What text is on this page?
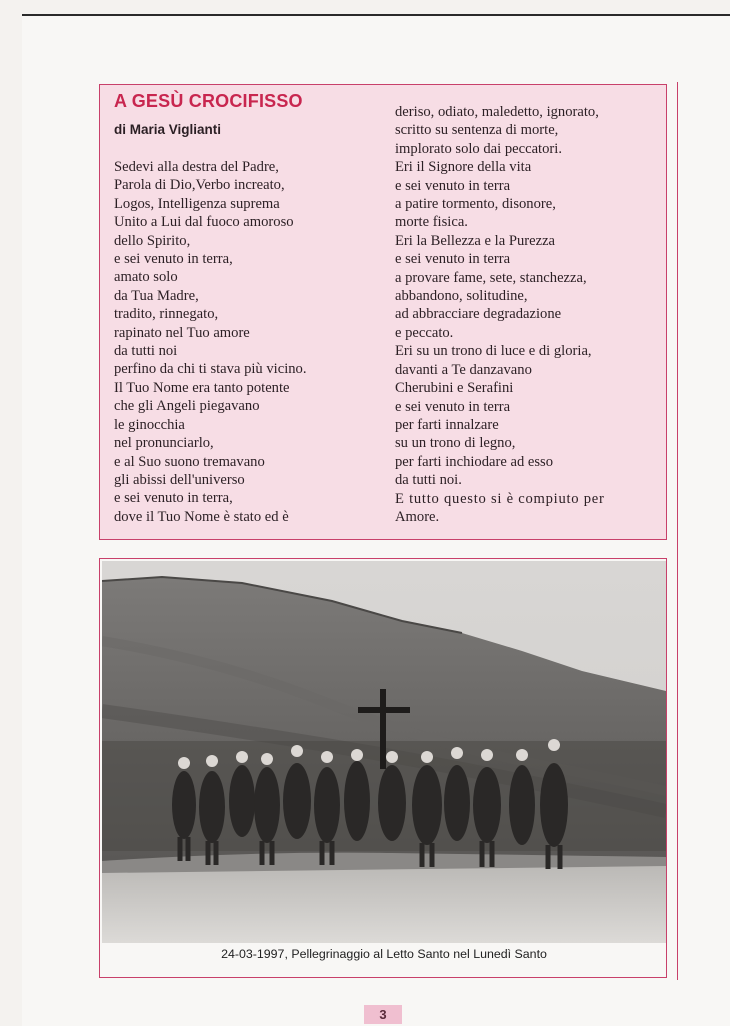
A GESÙ CROCIFISSO
di Maria Viglianti
Sedevi alla destra del Padre,
Parola di Dio,Verbo increato,
Logos, Intelligenza suprema
Unito a Lui dal fuoco amoroso
dello Spirito,
e sei venuto in terra,
amato solo
da Tua Madre,
tradito, rinnegato,
rapinato nel Tuo amore
da tutti noi
perfino da chi ti stava più vicino.
Il Tuo Nome era tanto potente
che gli Angeli piegavano
le ginocchia
nel pronunciarlo,
e al Suo suono tremavano
gli abissi dell'universo
e sei venuto in terra,
dove il Tuo Nome è stato ed è
deriso, odiato, maledetto, ignorato,
scritto su sentenza di morte,
implorato solo dai peccatori.
Eri il Signore della vita
e sei venuto in terra
a patire tormento, disonore,
morte fisica.
Eri la Bellezza e la Purezza
e sei venuto in terra
a provare fame, sete, stanchezza,
abbandono, solitudine,
ad abbracciare degradazione
e peccato.
Eri su un trono di luce e di gloria,
davanti a Te danzavano
Cherubini e Serafini
e sei venuto in terra
per farti innalzare
su un trono di legno,
per farti inchiodare ad esso
da tutti noi.
E tutto questo si è compiuto per
Amore.
24-03-1997, Pellegrinaggio al Letto Santo nel Lunedì Santo
3
